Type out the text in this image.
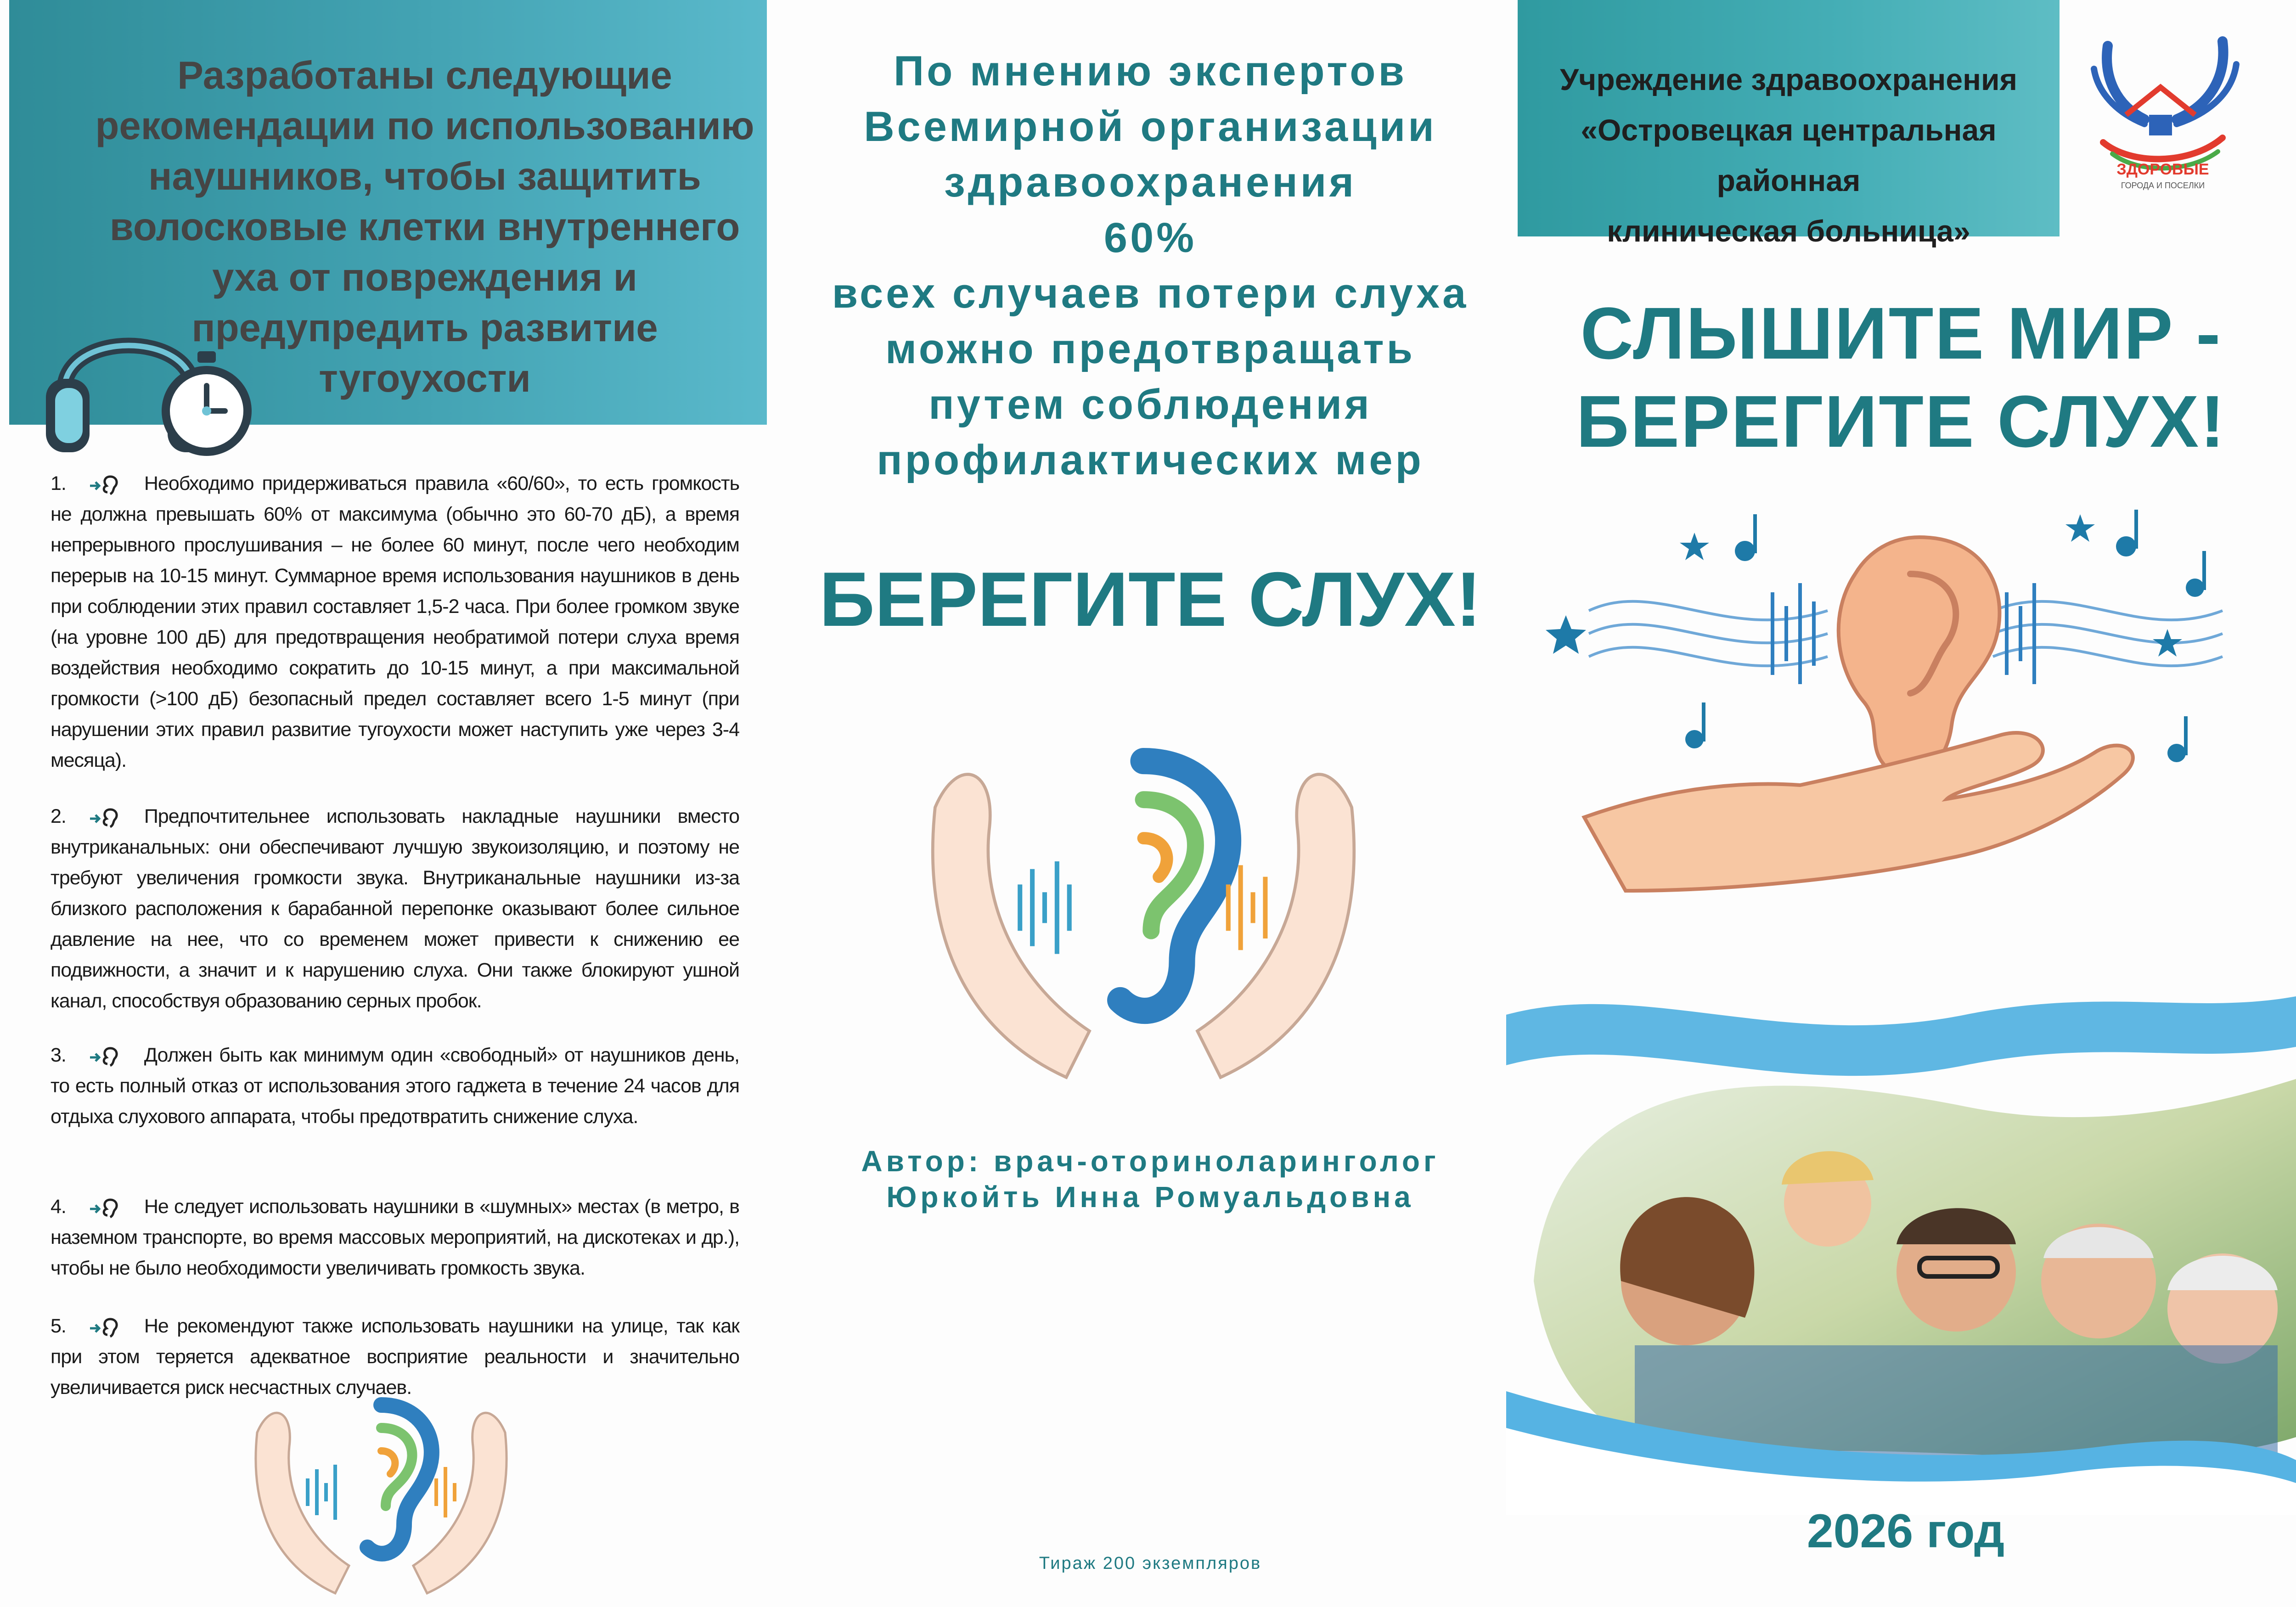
Разработаны следующие рекомендации по использованию наушников, чтобы защитить волосковые клетки внутреннего уха от повреждения и предупредить развитие тугоухости
1.	Необходимо придерживаться правила «60/60», то есть громкость не должна превышать 60% от максимума (обычно это 60-70 дБ), а время непрерывного прослушивания – не более 60 минут, после чего необходим перерыв на 10-15 минут. Суммарное время использования наушников в день при соблюдении этих правил составляет 1,5-2 часа. При более громком звуке (на уровне 100 дБ) для предотвращения необратимой потери слуха время воздействия необходимо сократить до 10-15 минут, а при максимальной громкости (>100 дБ) безопасный предел составляет всего 1-5 минут (при нарушении этих правил развитие тугоухости может наступить уже через 3-4 месяца).
2.	Предпочтительнее использовать накладные наушники вместо внутриканальных: они обеспечивают лучшую звукоизоляцию, и поэтому не требуют увеличения громкости звука. Внутриканальные наушники из-за близкого расположения к барабанной перепонке оказывают более сильное давление на нее, что со временем может привести к снижению ее подвижности, а значит и к нарушению слуха. Они также блокируют ушной канал, способствуя образованию серных пробок.
3.	Должен быть как минимум один «свободный» от наушников день, то есть полный отказ от использования этого гаджета в течение 24 часов для отдыха слухового аппарата, чтобы предотвратить снижение слуха.
4.	Не следует использовать наушники в «шумных» местах (в метро, в наземном транспорте, во время массовых мероприятий, на дискотеках и др.), чтобы не было необходимости увеличивать громкость звука.
5.	Не рекомендуют также использовать наушники на улице, так как при этом теряется адекватное восприятие реальности и значительно увеличивается риск несчастных случаев.
По мнению экспертов
Всемирной организации
здравоохранения
60%
всех случаев потери слуха
можно предотвращать
путем соблюдения
профилактических мер
БЕРЕГИТЕ СЛУХ!
Автор: врач-оториноларинголог
Юркойть Инна Ромуальдовна
Тираж 200 экземпляров
Учреждение здравоохранения
«Островецкая центральная районная
клиническая больница»
ЗДОРОВЫЕ
ГОРОДА И ПОСЕЛКИ
СЛЫШИТЕ МИР -
БЕРЕГИТЕ СЛУХ!
2026 год
